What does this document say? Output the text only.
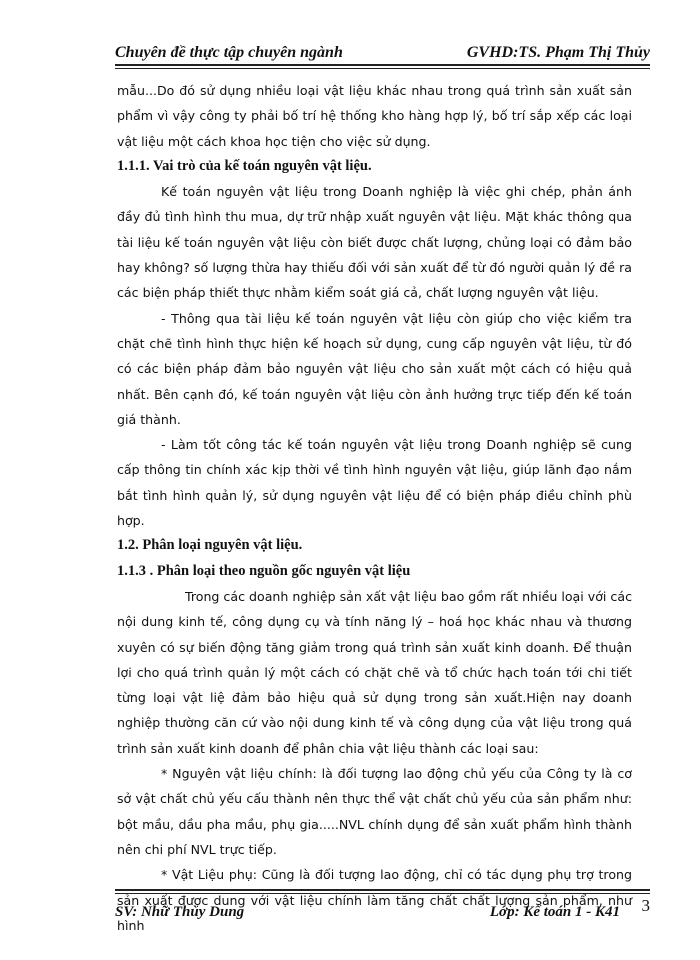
Chuyên đề thực tập chuyên ngành	GVHD:TS. Phạm Thị Thủy

mẫu...Do đó sử dụng nhiều loại vật liệu khác nhau trong quá trình sản xuất sản phẩm vì vậy công ty phải bố trí hệ thống kho hàng hợp lý, bố trí sắp xếp các loại vật liệu một cách khoa học tiện cho việc sử dụng.

1.1.1. Vai trò của kế toán nguyên vật liệu.

Kế toán nguyên vật liệu trong Doanh nghiệp là việc ghi chép, phản ánh đầy đủ tình hình thu mua, dự trữ nhập xuất nguyên vật liệu. Mặt khác thông qua tài liệu kế toán nguyên vật liệu còn biết được chất lượng, chủng loại có đảm bảo hay không? số lượng thừa hay thiếu đối với sản xuất để từ đó người quản lý đề ra các biện pháp thiết thực nhằm kiểm soát giá cả, chất lượng nguyên vật liệu.

- Thông qua tài liệu kế toán nguyên vật liệu còn giúp cho việc kiểm tra chặt chẽ tình hình thực hiện kế hoạch sử dụng, cung cấp nguyên vật liệu, từ đó có các biện pháp đảm bảo nguyên vật liệu cho sản xuất một cách có hiệu quả nhất. Bên cạnh đó, kế toán nguyên vật liệu còn ảnh hưởng trực tiếp đến kế toán giá thành.

- Làm tốt công tác kế toán nguyên vật liệu trong Doanh nghiệp sẽ cung cấp thông tin chính xác kịp thời về tình hình nguyên vật liệu, giúp lãnh đạo nắm bắt tình hình quản lý, sử dụng nguyên vật liệu để có biện pháp điều chỉnh phù hợp.

1.2. Phân loại nguyên vật liệu.

1.1.3 . Phân loại theo nguồn gốc nguyên vật liệu

Trong các doanh nghiệp sản xất vật liệu bao gồm rất nhiều loại với các nội dung kinh tế, công dụng cụ và tính năng lý – hoá học khác nhau và thương xuyên có sự biến động tăng giảm trong quá trình sản xuất kinh doanh. Để thuận lợi cho quá trình quản lý một cách có chặt chẽ và tổ chức hạch toán tới chi tiết từng loại vật liệ đảm bảo hiệu quả sử dụng trong sản xuất.Hiện nay doanh nghiệp thường căn cứ vào nội dung kinh tế và công dụng của vật liệu trong quá trình sản xuất kinh doanh để phân chia vật liệu thành các loại sau:

* Nguyên vật liệu chính: là đối tượng lao động chủ yếu của Công ty là cơ sở vật chất chủ yếu cấu thành nên thực thể vật chất chủ yếu của sản phẩm như: bột mầu, dầu pha mầu, phụ gia.....NVL chính dụng để sản xuất phẩm hình thành nên chi phí NVL trực tiếp.

* Vật Liệu phụ: Cũng là đối tượng lao động, chỉ có tác dụng phụ trợ trong sản xuất được dung với vật liệu chính làm tăng chất chất lượng sản phẩm, như hình

SV: Nhữ Thùy Dung	Lớp: Kế toán 1 - K41 3
